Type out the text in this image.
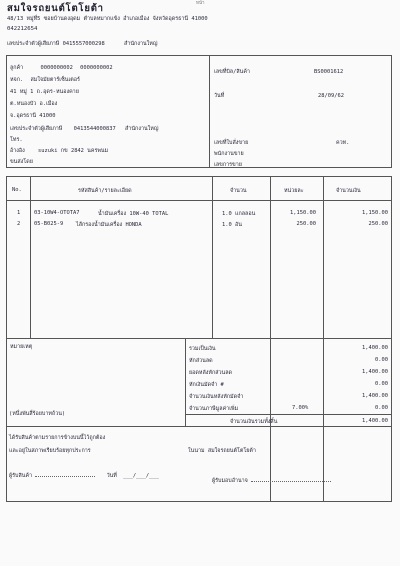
หน้า
สมใจรถยนต์โตโยต้า
48/13 หมู่ที่5 ซอยบ้านดงอุดม ตำบลหมากแข้ง อำเภอเมือง จังหวัดอุดรธานี 41000
042212654
เลขประจำตัวผู้เสียภาษี 0415557000298	สำนักงานใหญ่
ลูกค้า	0000000002 0000000002
หจก. สมใจมัยตาร์เซ็นเตอร์
41 หมู่ 1 ถ.อุดร-หนองคาย
ต.หนองบัว อ.เมือง
จ.อุดรธานี 41000
เลขประจำตัวผู้เสียภาษี 0413544000837 สำนักงานใหญ่
โทร.
อ้างอิง suzuki กข 2842 นครพนม
ขนส่งโดย
เลขที่บิล/สินค้า	BS0001612
วันที่	28/09/62
เลขที่ใบสั่งขาย	ควท.
พนักงานขาย
เลขการขาย
No.	รหัสสินค้า/รายละเอียด	จำนวน	หน่วยละ	จำนวนเงิน
1	03-10W4-OTOTA7	น้ำมันเครื่อง 10W-40 TOTAL	1.0 แกลลอน	1,150.00	1,150.00
2	05-B025-9 ไส้กรองน้ำมันเครื่อง HONDA	1.0 อัน	250.00	250.00
หมายเหตุ
(หนึ่งพันสี่ร้อยบาทถ้วน)
รวมเป็นเงิน	1,400.00
หักส่วนลด	0.00
ยอดหลังหักส่วนลด	1,400.00
หักเงินมัดจำ #	0.00
จำนวนเงินหลังหักมัดจำ	1,400.00
จำนวนภาษีมูลค่าเพิ่ม	7.00%	0.00
จำนวนเงินรวมทั้งสิ้น	1,400.00
ได้รับสินค้าตามรายการข้างบนนี้ไว้ถูกต้อง
และอยู่ในสภาพเรียบร้อยทุกประการ	ในนาม สมใจรถยนต์โตโยต้า
ผู้รับสินค้า	วันที่ ___/___/___
ผู้รับมอบอำนาจ
